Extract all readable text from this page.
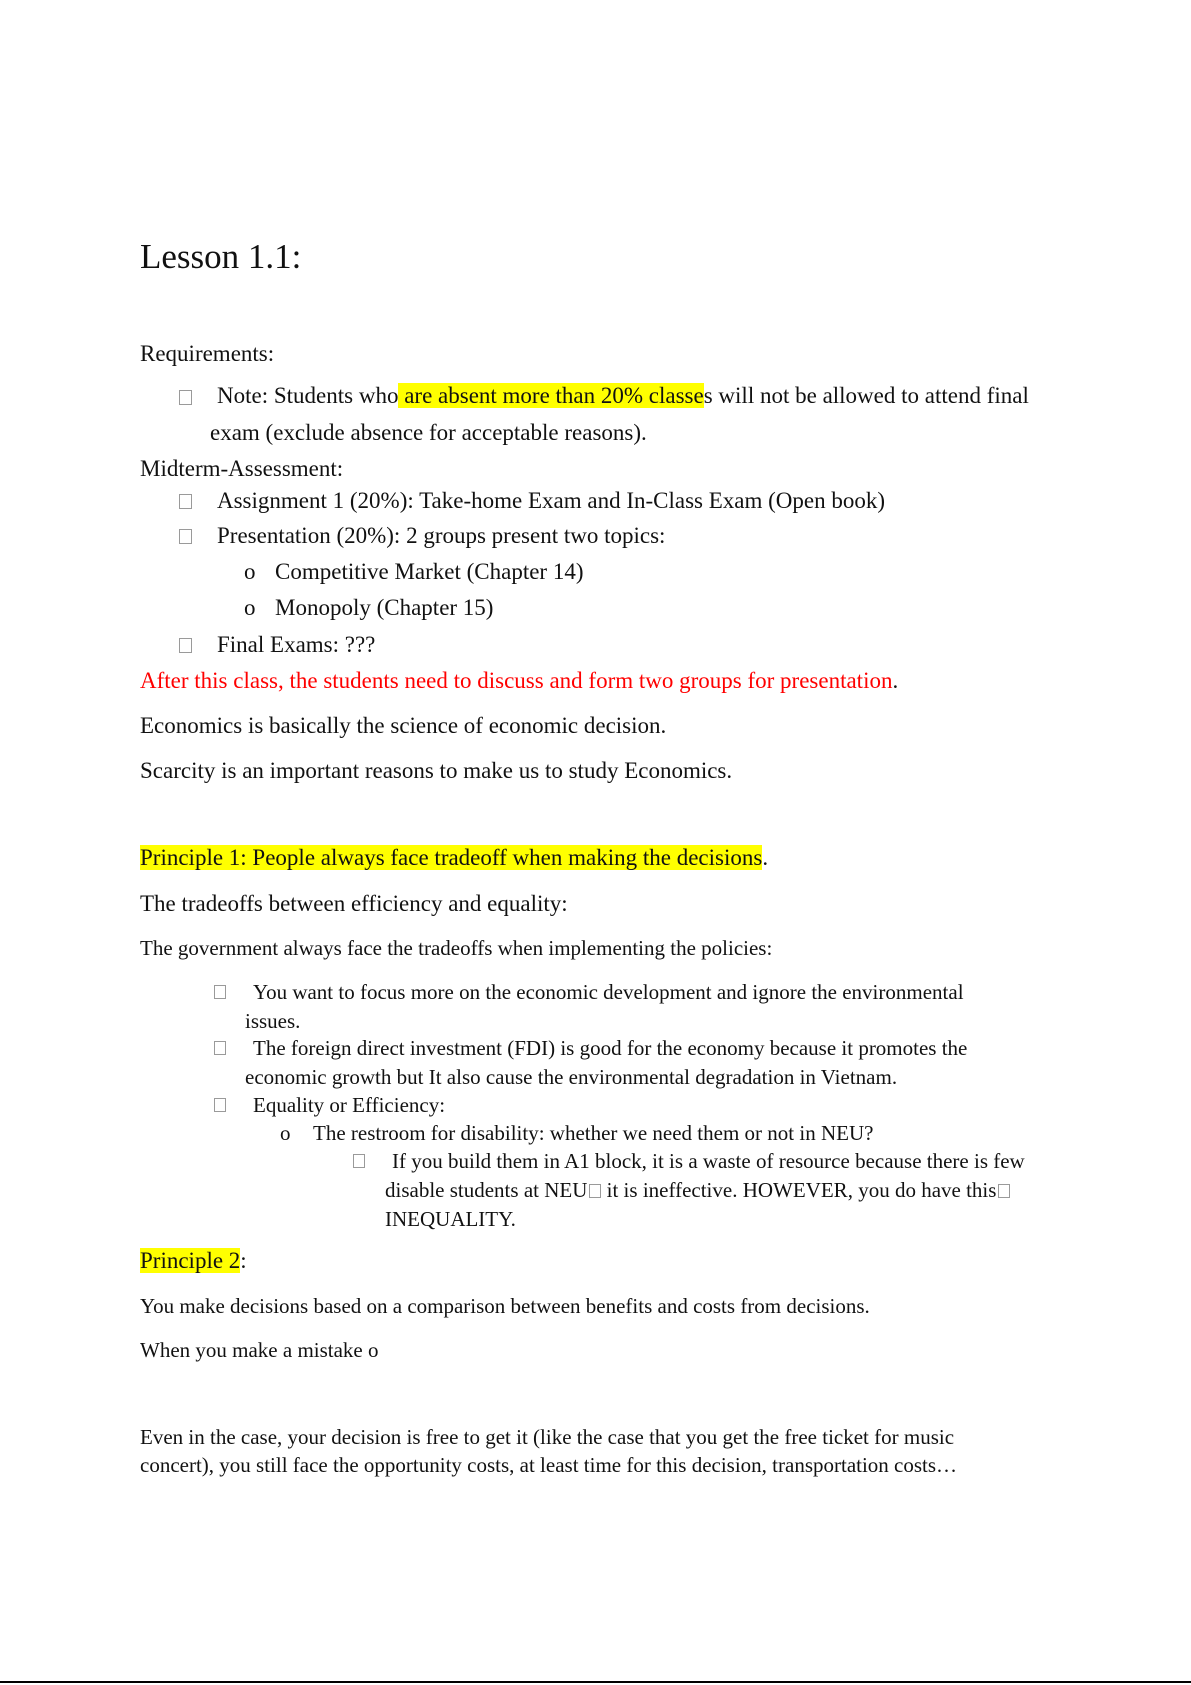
Lesson 1.1:
Requirements:
Note: Students who are absent more than 20% classes will not be allowed to attend final
exam (exclude absence for acceptable reasons).
Midterm-Assessment:
Assignment 1 (20%): Take-home Exam and In-Class Exam (Open book)
Presentation (20%): 2 groups present two topics:
o Competitive Market (Chapter 14)
o Monopoly (Chapter 15)
Final Exams: ???
After this class, the students need to discuss and form two groups for presentation.
Economics is basically the science of economic decision.
Scarcity is an important reasons to make us to study Economics.
Principle 1: People always face tradeoff when making the decisions.
The tradeoffs between efficiency and equality:
The government always face the tradeoffs when implementing the policies:
You want to focus more on the economic development and ignore the environmental
issues.
The foreign direct investment (FDI) is good for the economy because it promotes the
economic growth but It also cause the environmental degradation in Vietnam.
Equality or Efficiency:
o The restroom for disability: whether we need them or not in NEU?
If you build them in A1 block, it is a waste of resource because there is few
disable students at NEU it is ineffective. HOWEVER, you do have this
INEQUALITY.
Principle 2:
You make decisions based on a comparison between benefits and costs from decisions.
When you make a mistake o
Even in the case, your decision is free to get it (like the case that you get the free ticket for music
concert), you still face the opportunity costs, at least time for this decision, transportation costs…
